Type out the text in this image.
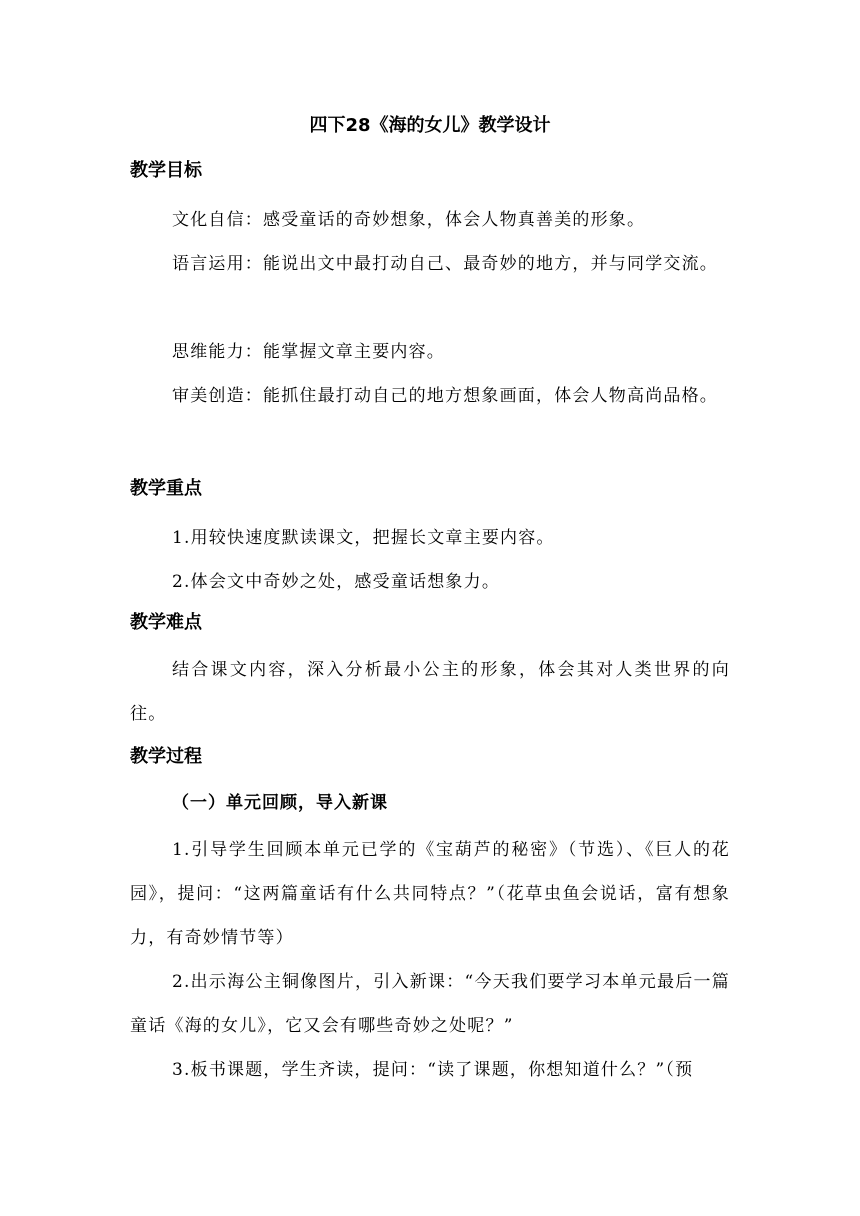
四下28《海的女儿》教学设计
教学目标

文化自信：感受童话的奇妙想象，体会人物真善美的形象。

语言运用：能说出文中最打动自己、最奇妙的地方，并与同学交流。

思维能力：能掌握文章主要内容。

审美创造：能抓住最打动自己的地方想象画面，体会人物高尚品格。

教学重点

1.用较快速度默读课文，把握长文章主要内容。

2.体会文中奇妙之处，感受童话想象力。

教学难点

结合课文内容，深入分析最小公主的形象，体会其对人类世界的向往。

教学过程
（一）单元回顾，导入新课

1.引导学生回顾本单元已学的《宝葫芦的秘密》（节选）、《巨人的花园》，提问：“这两篇童话有什么共同特点？”（花草虫鱼会说话，富有想象力，有奇妙情节等）

2.出示海公主铜像图片，引入新课：“今天我们要学习本单元最后一篇童话《海的女儿》，它又会有哪些奇妙之处呢？”

3.板书课题，学生齐读，提问：“读了课题，你想知道什么？”（预
